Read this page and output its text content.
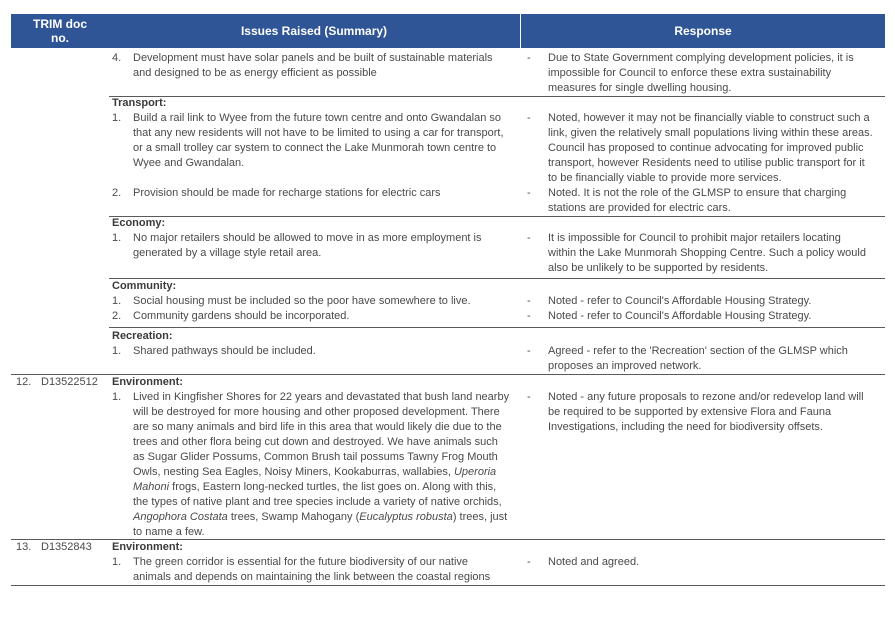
TRIM doc
no.	Issues Raised (Summary)	Response
4. Development must have solar panels and be built of sustainable materials
and designed to be as energy efficient as possible
- Due to State Government complying development policies, it is
impossible for Council to enforce these extra sustainability
measures for single dwelling housing.
Transport:
1. Build a rail link to Wyee from the future town centre and onto Gwandalan so
that any new residents will not have to be limited to using a car for transport,
or a small trolley car system to connect the Lake Munmorah town centre to
Wyee and Gwandalan.
- Noted, however it may not be financially viable to construct such a
link, given the relatively small populations living within these areas.
Council has proposed to continue advocating for improved public
transport, however Residents need to utilise public transport for it
to be financially viable to provide more services.
2. Provision should be made for recharge stations for electric cars	- Noted. It is not the role of the GLMSP to ensure that charging
stations are provided for electric cars.
Economy:
1. No major retailers should be allowed to move in as more employment is
generated by a village style retail area.
- It is impossible for Council to prohibit major retailers locating
within the Lake Munmorah Shopping Centre. Such a policy would
also be unlikely to be supported by residents.
Community:
1. Social housing must be included so the poor have somewhere to live.	- Noted - refer to Council's Affordable Housing Strategy.
2. Community gardens should be incorporated.	- Noted - refer to Council's Affordable Housing Strategy.
Recreation:
1. Shared pathways should be included.	- Agreed - refer to the 'Recreation' section of the GLMSP which
proposes an improved network.
12. D13522512 Environment:
1. Lived in Kingfisher Shores for 22 years and devastated that bush land nearby
will be destroyed for more housing and other proposed development. There
are so many animals and bird life in this area that would likely die due to the
trees and other flora being cut down and destroyed. We have animals such
as Sugar Glider Possums, Common Brush tail possums Tawny Frog Mouth
Owls, nesting Sea Eagles, Noisy Miners, Kookaburras, wallabies, Uperoria
Mahoni frogs, Eastern long-necked turtles, the list goes on. Along with this,
the types of native plant and tree species include a variety of native orchids,
Angophora Costata trees, Swamp Mahogany (Eucalyptus robusta) trees, just
to name a few.
- Noted - any future proposals to rezone and/or redevelop land will
be required to be supported by extensive Flora and Fauna
Investigations, including the need for biodiversity offsets.
13. D1352843 Environment:
1. The green corridor is essential for the future biodiversity of our native
animals and depends on maintaining the link between the coastal regions
- Noted and agreed.
